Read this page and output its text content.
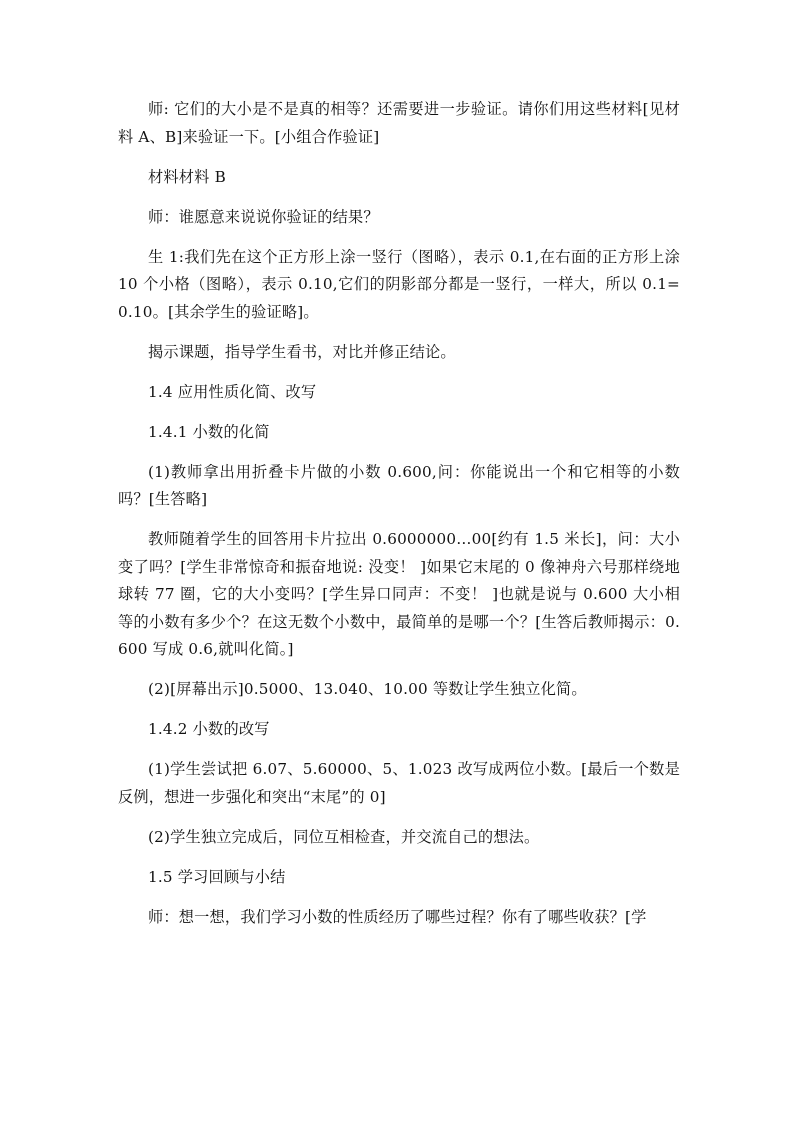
师: 它们的大小是不是真的相等？还需要进一步验证。请你们用这些材料[见材料 A、B]来验证一下。[小组合作验证]

材料材料 B

师：谁愿意来说说你验证的结果？

生 1:我们先在这个正方形上涂一竖行（图略），表示 0.1,在右面的正方形上涂 10 个小格（图略），表示 0.10,它们的阴影部分都是一竖行，一样大，所以 0.1=0.10。[其余学生的验证略]。

揭示课题，指导学生看书，对比并修正结论。

1.4 应用性质化简、改写

1.4.1 小数的化简

(1)教师拿出用折叠卡片做的小数 0.600,问：你能说出一个和它相等的小数吗？[生答略]

教师随着学生的回答用卡片拉出 0.6000000…00[约有 1.5 米长]，问：大小变了吗？[学生非常惊奇和振奋地说: 没变！ ]如果它末尾的 0 像神舟六号那样绕地球转 77 圈，它的大小变吗？[学生异口同声：不变！ ]也就是说与 0.600 大小相等的小数有多少个？在这无数个小数中，最简单的是哪一个？[生答后教师揭示：0.600 写成 0.6,就叫化简。]

(2)[屏幕出示]0.5000、13.040、10.00 等数让学生独立化简。

1.4.2 小数的改写

(1)学生尝试把 6.07、5.60000、5、1.023 改写成两位小数。[最后一个数是反例，想进一步强化和突出“末尾”的 0]

(2)学生独立完成后，同位互相检查，并交流自己的想法。

1.5 学习回顾与小结

师：想一想，我们学习小数的性质经历了哪些过程？你有了哪些收获？[学
